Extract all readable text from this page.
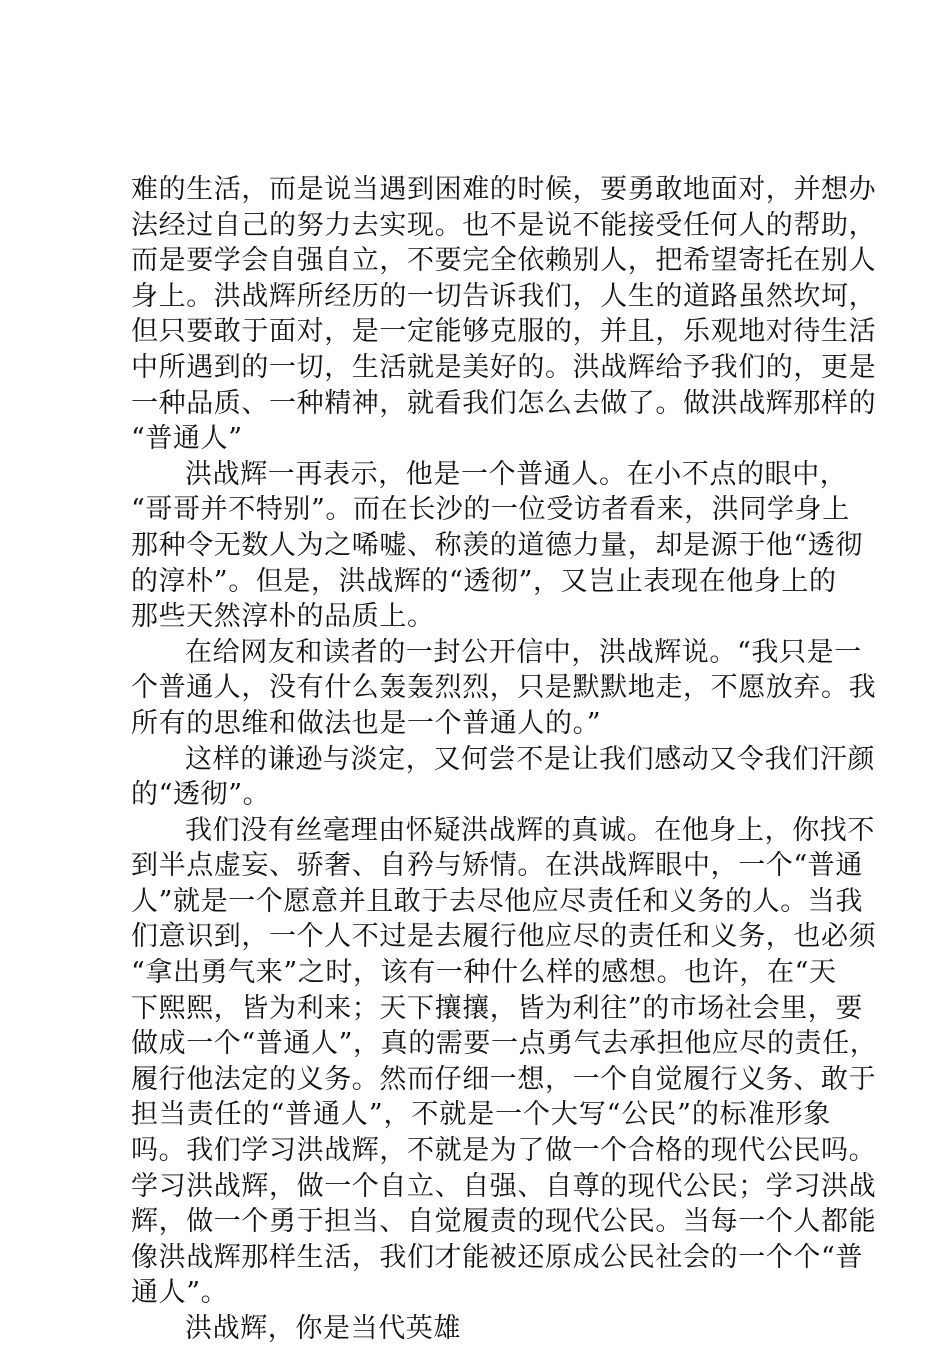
难的生活，而是说当遇到困难的时候，要勇敢地面对，并想办
法经过自己的努力去实现。也不是说不能接受任何人的帮助，
而是要学会自强自立，不要完全依赖别人，把希望寄托在别人
身上。洪战辉所经历的一切告诉我们，人生的道路虽然坎坷，
但只要敢于面对，是一定能够克服的，并且，乐观地对待生活
中所遇到的一切，生活就是美好的。洪战辉给予我们的，更是
一种品质、一种精神，就看我们怎么去做了。做洪战辉那样的
“普通人”
洪战辉一再表示，他是一个普通人。在小不点的眼中，
“哥哥并不特别”。而在长沙的一位受访者看来，洪同学身上
那种令无数人为之唏嘘、称羡的道德力量，却是源于他“透彻
的淳朴”。但是，洪战辉的“透彻”，又岂止表现在他身上的
那些天然淳朴的品质上。
在给网友和读者的一封公开信中，洪战辉说。“我只是一
个普通人，没有什么轰轰烈烈，只是默默地走，不愿放弃。我
所有的思维和做法也是一个普通人的。”
这样的谦逊与淡定，又何尝不是让我们感动又令我们汗颜
的“透彻”。
我们没有丝毫理由怀疑洪战辉的真诚。在他身上，你找不
到半点虚妄、骄奢、自矜与矫情。在洪战辉眼中，一个“普通
人”就是一个愿意并且敢于去尽他应尽责任和义务的人。当我
们意识到，一个人不过是去履行他应尽的责任和义务，也必须
“拿出勇气来”之时，该有一种什么样的感想。也许，在“天
下熙熙，皆为利来；天下攘攘，皆为利往”的市场社会里，要
做成一个“普通人”，真的需要一点勇气去承担他应尽的责任，
履行他法定的义务。然而仔细一想，一个自觉履行义务、敢于
担当责任的“普通人”，不就是一个大写“公民”的标准形象
吗。我们学习洪战辉，不就是为了做一个合格的现代公民吗。
学习洪战辉，做一个自立、自强、自尊的现代公民；学习洪战
辉，做一个勇于担当、自觉履责的现代公民。当每一个人都能
像洪战辉那样生活，我们才能被还原成公民社会的一个个“普
通人”。
洪战辉，你是当代英雄
